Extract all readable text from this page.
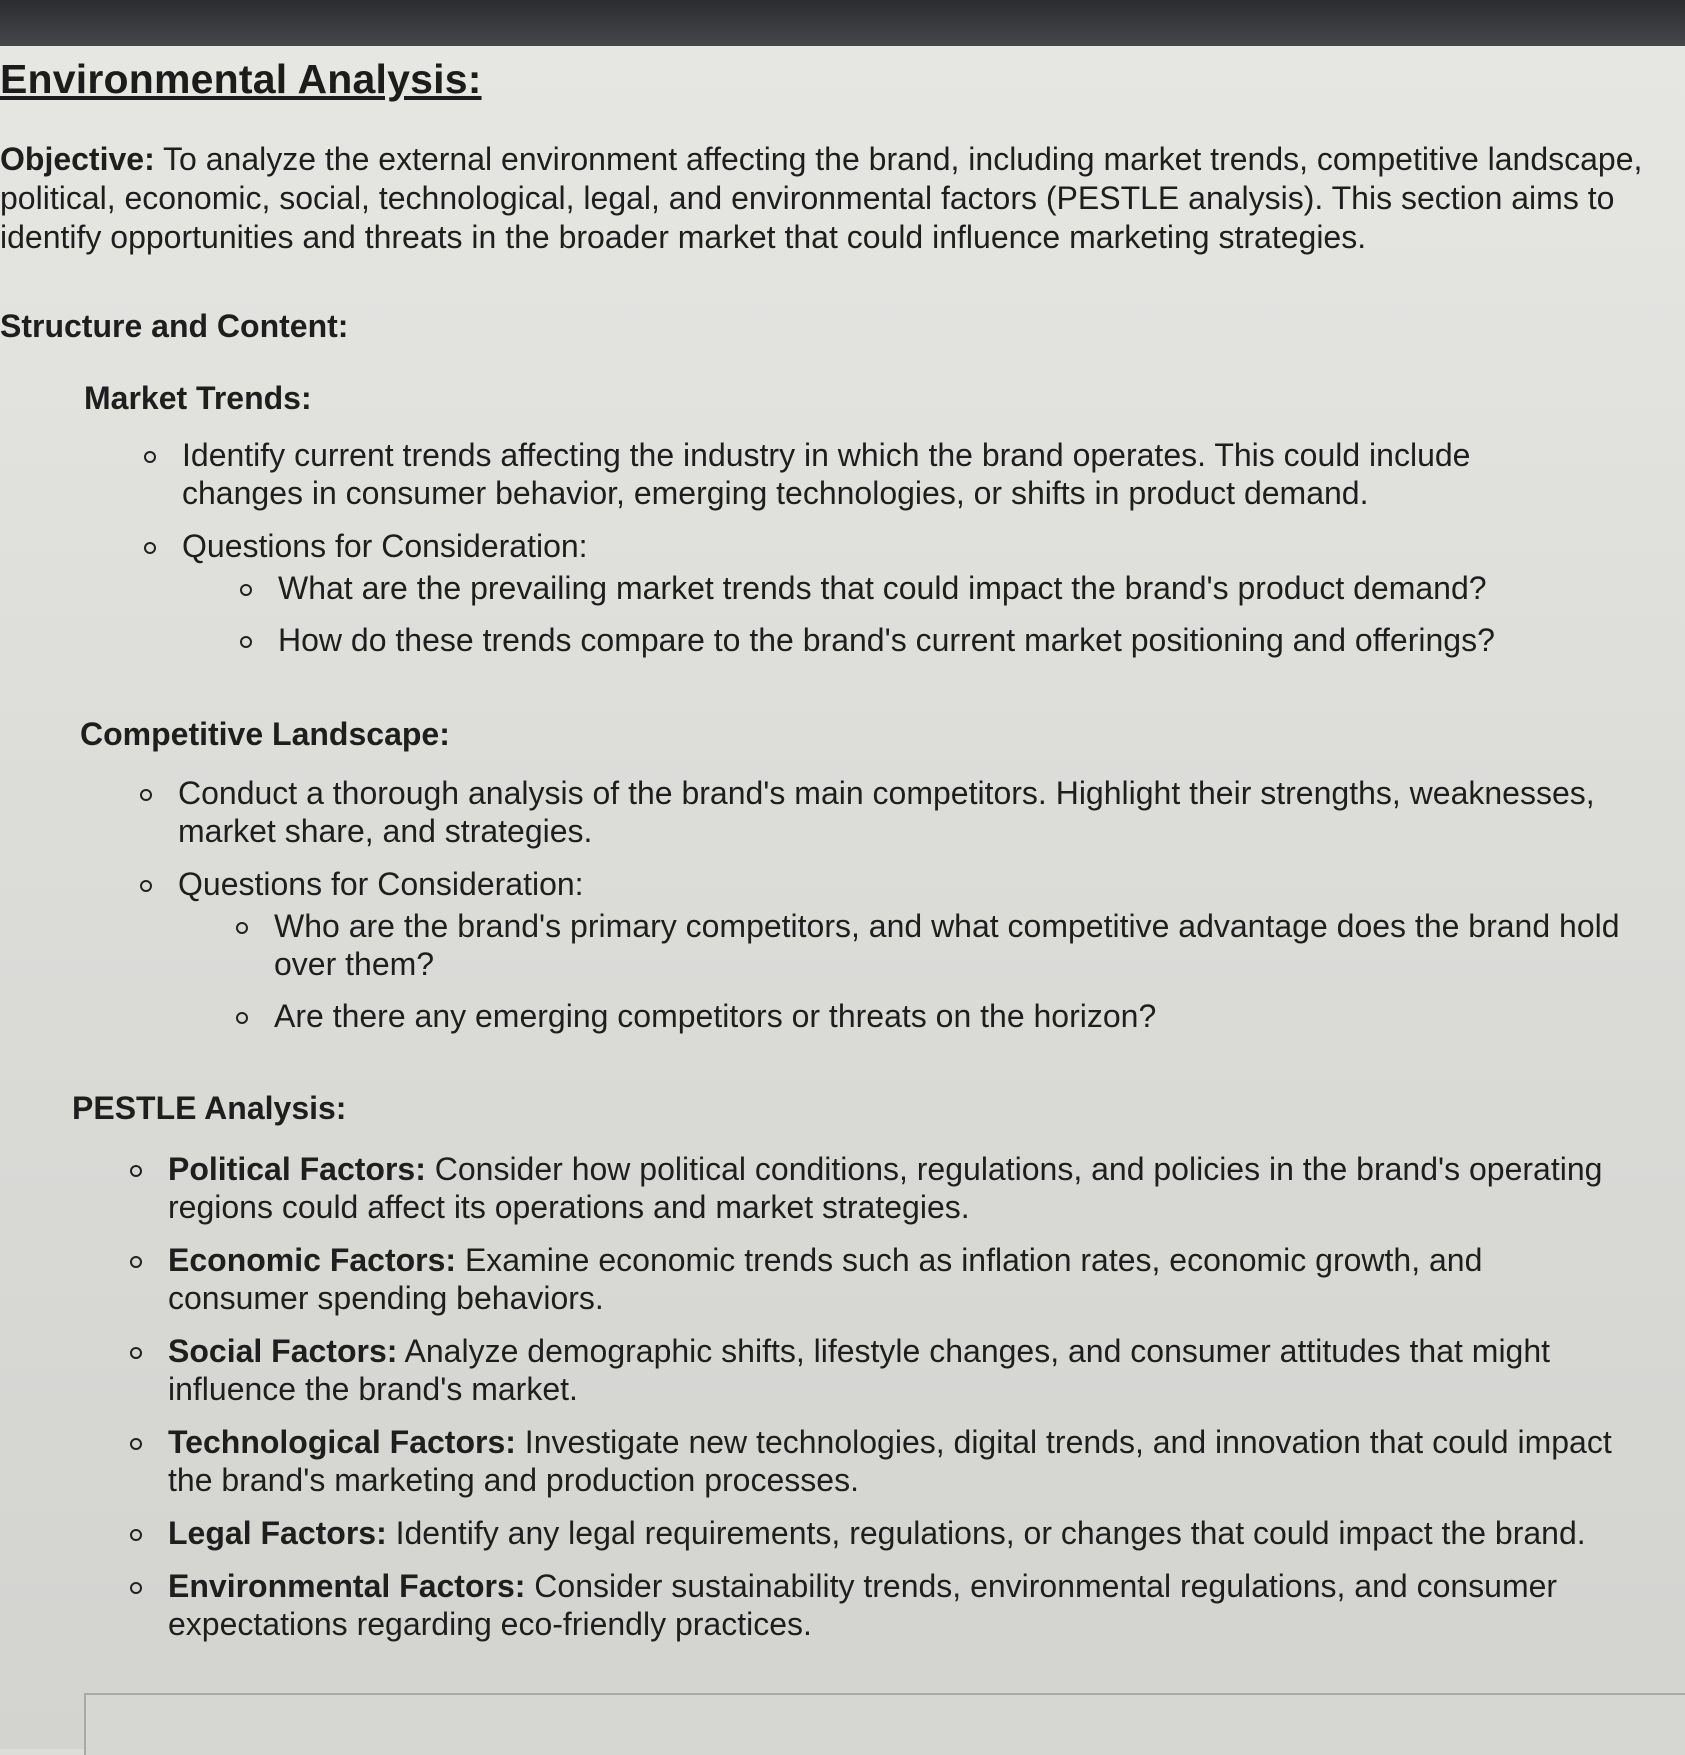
Environmental Analysis:

Objective: To analyze the external environment affecting the brand, including market trends, competitive landscape, political, economic, social, technological, legal, and environmental factors (PESTLE analysis). This section aims to identify opportunities and threats in the broader market that could influence marketing strategies.

Structure and Content:
Market Trends:
Identify current trends affecting the industry in which the brand operates. This could include changes in consumer behavior, emerging technologies, or shifts in product demand.
Questions for Consideration:
What are the prevailing market trends that could impact the brand's product demand?
How do these trends compare to the brand's current market positioning and offerings?
Competitive Landscape:
Conduct a thorough analysis of the brand's main competitors. Highlight their strengths, weaknesses, market share, and strategies.
Questions for Consideration:
Who are the brand's primary competitors, and what competitive advantage does the brand hold over them?
Are there any emerging competitors or threats on the horizon?
PESTLE Analysis:
Political Factors: Consider how political conditions, regulations, and policies in the brand's operating regions could affect its operations and market strategies.
Economic Factors: Examine economic trends such as inflation rates, economic growth, and consumer spending behaviors.
Social Factors: Analyze demographic shifts, lifestyle changes, and consumer attitudes that might influence the brand's market.
Technological Factors: Investigate new technologies, digital trends, and innovation that could impact the brand's marketing and production processes.
Legal Factors: Identify any legal requirements, regulations, or changes that could impact the brand.
Environmental Factors: Consider sustainability trends, environmental regulations, and consumer expectations regarding eco-friendly practices.
